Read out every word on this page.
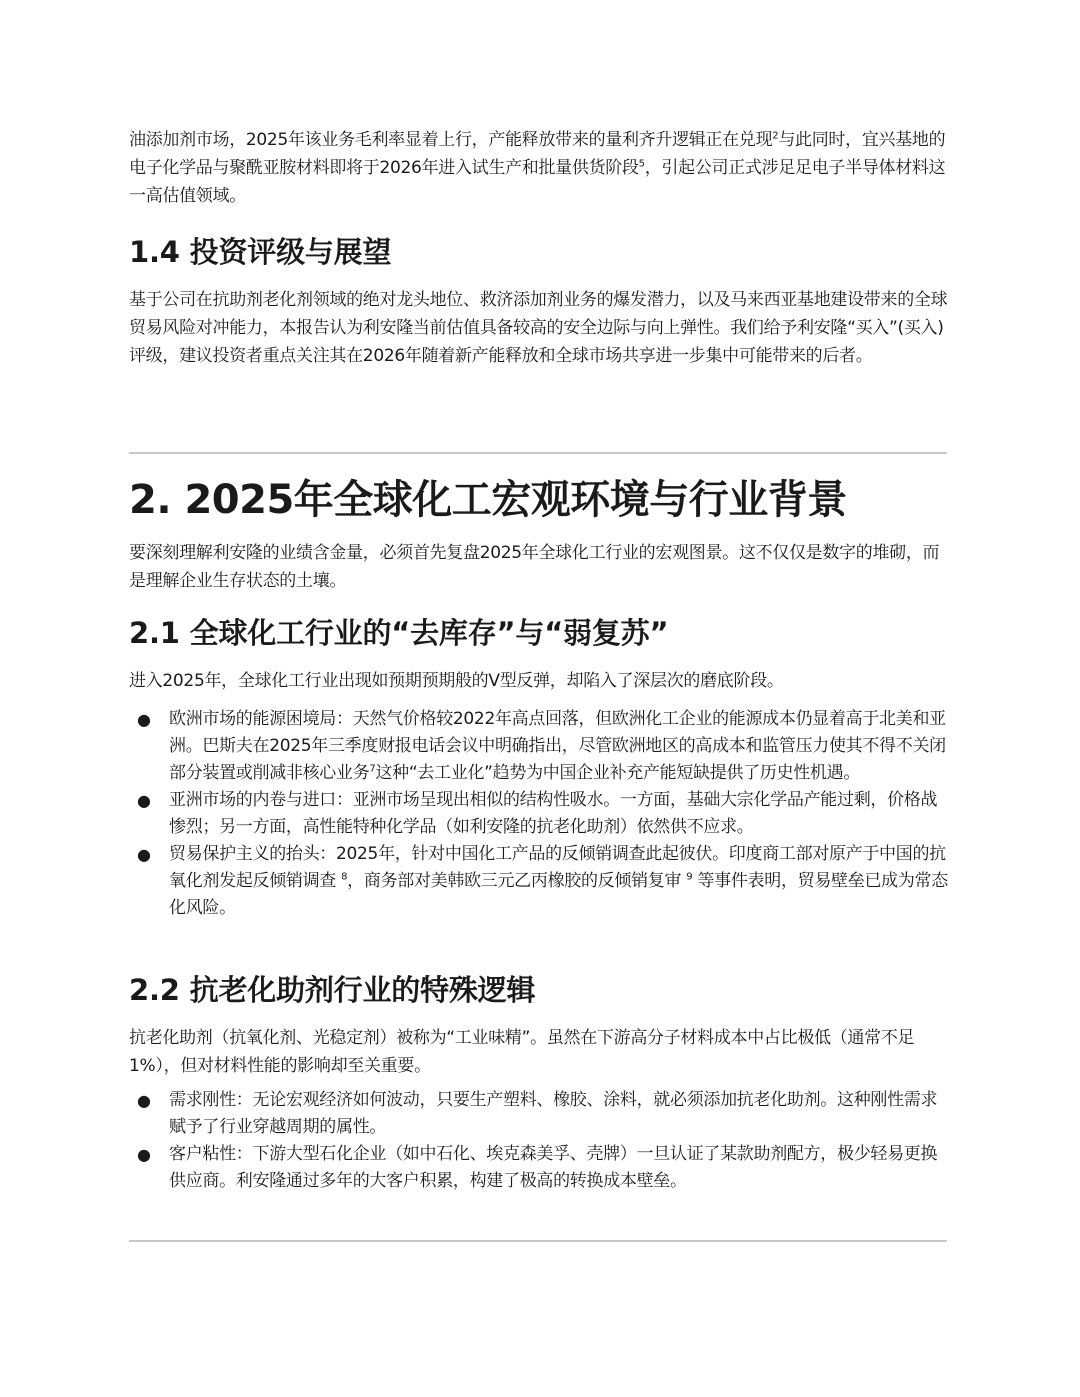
油添加剂市场，2025年该业务毛利率显着上行，产能释放带来的量利齐升逻辑正在兑现$^2$与此同时，宜兴基地的电子化学品与聚酰亚胺材料即将于2026年进入试生产和批量供货阶段$^5$，引起公司正式涉足足电子半导体材料这一高估值领域。

1.4 投资评级与展望

基于公司在抗助剂老化剂领域的绝对龙头地位、救济添加剂业务的爆发潜力，以及马来西亚基地建设带来的全球贸易风险对冲能力，本报告认为利安隆当前估值具备较高的安全边际与向上弹性。我们给予利安隆“买入”(买入)评级，建议投资者重点关注其在2026年随着新产能释放和全球市场共享进一步集中可能带来的后者。

2. 2025年全球化工宏观环境与行业背景

要深刻理解利安隆的业绩含金量，必须首先复盘2025年全球化工行业的宏观图景。这不仅仅是数字的堆砌，而是理解企业生存状态的土壤。

2.1 全球化工行业的“去库存”与“弱复苏”

进入2025年，全球化工行业出现如预期预期般的V型反弹，却陷入了深层次的磨底阶段。

● 欧洲市场的能源困境局：天然气价格较2022年高点回落，但欧洲化工企业的能源成本仍显着高于北美和亚洲。巴斯夫在2025年三季度财报电话会议中明确指出，尽管欧洲地区的高成本和监管压力使其不得不关闭部分装置或削减非核心业务$^7$这种“去工业化”趋势为中国企业补充产能短缺提供了历史性机遇。
● 亚洲市场的内卷与进口：亚洲市场呈现出相似的结构性吸水。一方面，基础大宗化学品产能过剩，价格战惨烈；另一方面，高性能特种化学品（如利安隆的抗老化助剂）依然供不应求。
● 贸易保护主义的抬头：2025年，针对中国化工产品的反倾销调查此起彼伏。印度商工部对原产于中国的抗氧化剂发起反倾销调查 $^8$，商务部对美韩欧三元乙丙橡胶的反倾销复审 $^9$ 等事件表明，贸易壁垒已成为常态化风险。
2.2 抗老化助剂行业的特殊逻辑

抗老化助剂（抗氧化剂、光稳定剂）被称为“工业味精”。虽然在下游高分子材料成本中占比极低（通常不足1%），但对材料性能的影响却至关重要。

● 需求刚性：无论宏观经济如何波动，只要生产塑料、橡胶、涂料，就必须添加抗老化助剂。这种刚性需求赋予了行业穿越周期的属性。
● 客户粘性：下游大型石化企业（如中石化、埃克森美孚、壳牌）一旦认证了某款助剂配方，极少轻易更换供应商。利安隆通过多年的大客户积累，构建了极高的转换成本壁垒。
